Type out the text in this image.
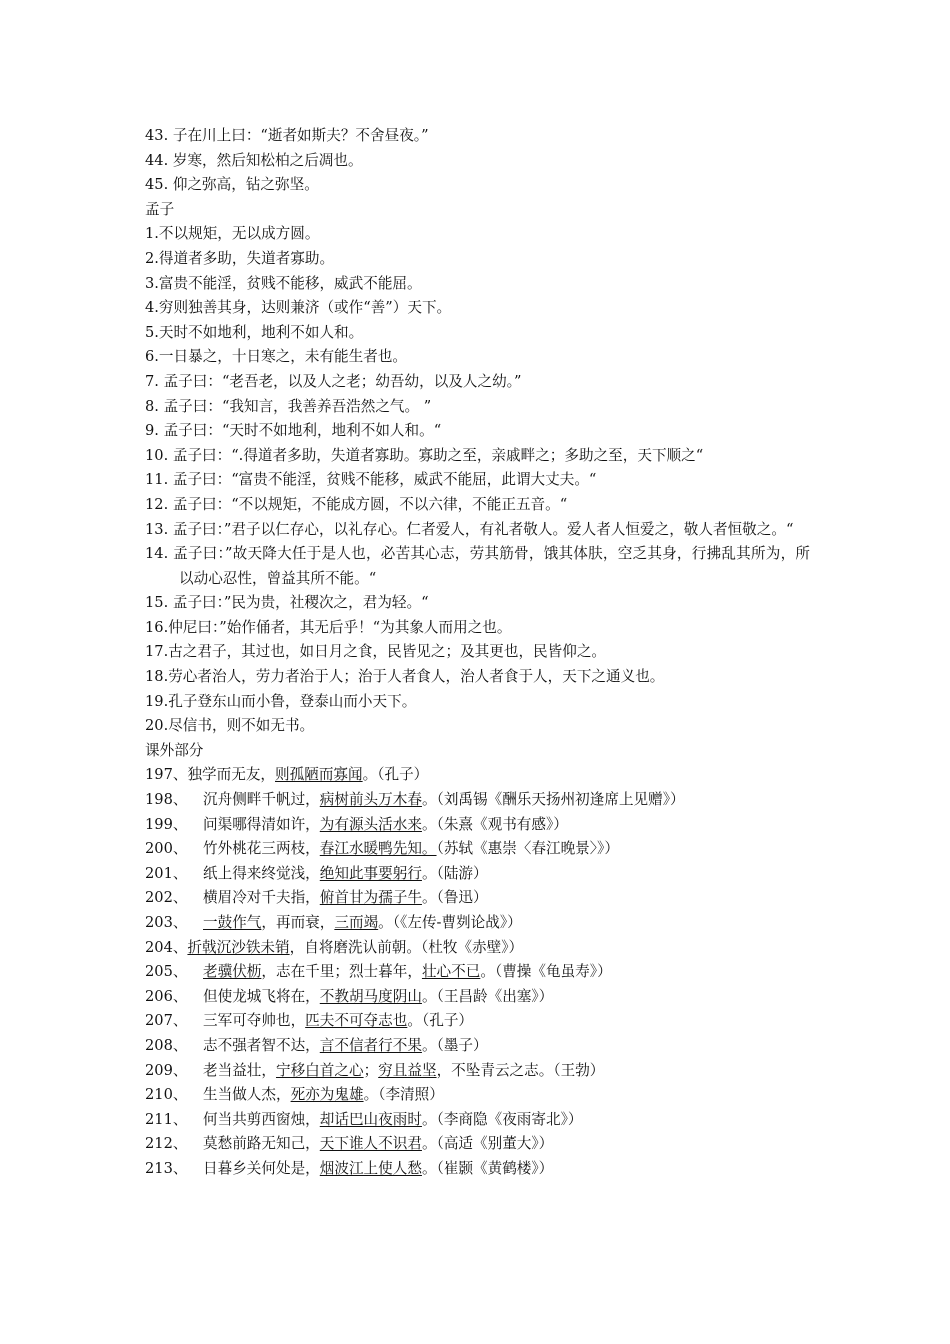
43. 子在川上曰：“逝者如斯夫？不舍昼夜。”
44. 岁寒，然后知松柏之后凋也。
45. 仰之弥高，钻之弥坚。
孟子
1.不以规矩，无以成方圆。
2.得道者多助，失道者寡助。
3.富贵不能淫，贫贱不能移，威武不能屈。
4.穷则独善其身，达则兼济（或作“善”）天下。
5.天时不如地利，地利不如人和。
6.一日暴之，十日寒之，未有能生者也。
7. 孟子曰：“老吾老，以及人之老；幼吾幼，以及人之幼。”
8. 孟子曰：“我知言，我善养吾浩然之气。 ”
9. 孟子曰：“天时不如地利，地利不如人和。“
10. 孟子曰：“.得道者多助，失道者寡助。寡助之至，亲戚畔之；多助之至，天下顺之“
11. 孟子曰：“富贵不能淫，贫贱不能移，威武不能屈，此谓大丈夫。“
12. 孟子曰：“不以规矩，不能成方圆，不以六律，不能正五音。“
13. 孟子曰：”君子以仁存心，以礼存心。仁者爱人，有礼者敬人。爱人者人恒爱之，敬人者恒敬之。“
14. 孟子曰：”故天降大任于是人也，必苦其心志，劳其筋骨，饿其体肤，空乏其身，行拂乱其所为，所以动心忍性，曾益其所不能。“
15. 孟子曰：”民为贵，社稷次之，君为轻。“
16.仲尼曰：”始作俑者，其无后乎！“为其象人而用之也。
17.古之君子，其过也，如日月之食，民皆见之；及其更也，民皆仰之。
18.劳心者治人，劳力者治于人；治于人者食人，治人者食于人，天下之通义也。
19.孔子登东山而小鲁，登泰山而小天下。
20.尽信书，则不如无书。
课外部分
197、独学而无友，则孤陋而寡闻。（孔子）
198、 沉舟侧畔千帆过，病树前头万木春。（刘禹锡《酬乐天扬州初逢席上见赠》）
199、 问渠哪得清如许，为有源头活水来。（朱熹《观书有感》）
200、 竹外桃花三两枝，春江水暖鸭先知。（苏轼《惠崇〈春江晚景〉》）
201、 纸上得来终觉浅，绝知此事要躬行。（陆游）
202、 横眉冷对千夫指，俯首甘为孺子牛。（鲁迅）
203、 一鼓作气，再而衰，三而竭。（《左传-曹刿论战》）
204、折戟沉沙铁未销，自将磨洗认前朝。（杜牧《赤壁》）
205、 老骥伏枥，志在千里；烈士暮年，壮心不已。（曹操《龟虽寿》）
206、 但使龙城飞将在，不教胡马度阴山。（王昌龄《出塞》）
207、 三军可夺帅也，匹夫不可夺志也。（孔子）
208、 志不强者智不达，言不信者行不果。（墨子）
209、 老当益壮，宁移白首之心；穷且益坚，不坠青云之志。（王勃）
210、 生当做人杰，死亦为鬼雄。（李清照）
211、 何当共剪西窗烛，却话巴山夜雨时。（李商隐《夜雨寄北》）
212、 莫愁前路无知己，天下谁人不识君。（高适《别董大》）
213、 日暮乡关何处是，烟波江上使人愁。（崔颢《黄鹤楼》）
